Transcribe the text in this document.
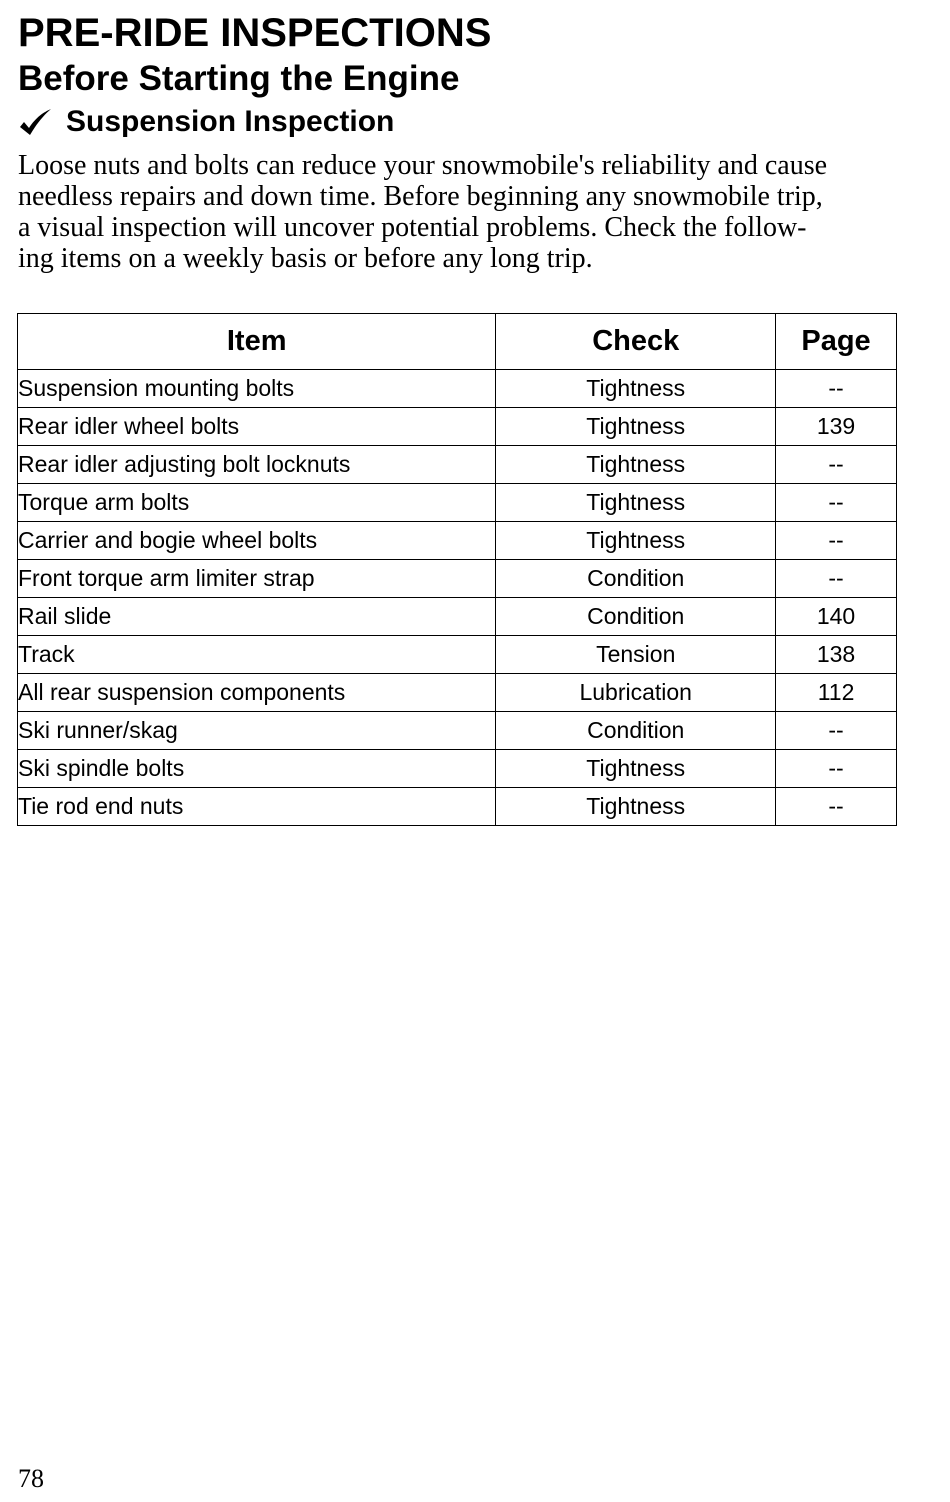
PRE-RIDE INSPECTIONS
Before Starting the Engine
Suspension Inspection

Loose nuts and bolts can reduce your snowmobile's reliability and cause
needless repairs and down time. Before beginning any snowmobile trip,
a visual inspection will uncover potential problems. Check the follow-
ing items on a weekly basis or before any long trip.

Item	Check	Page
Suspension mounting bolts	Tightness	--
Rear idler wheel bolts	Tightness	139
Rear idler adjusting bolt locknuts	Tightness	--
Torque arm bolts	Tightness	--
Carrier and bogie wheel bolts	Tightness	--
Front torque arm limiter strap	Condition	--
Rail slide	Condition	140
Track	Tension	138
All rear suspension components	Lubrication	112
Ski runner/skag	Condition	--
Ski spindle bolts	Tightness	--
Tie rod end nuts	Tightness	--
78
